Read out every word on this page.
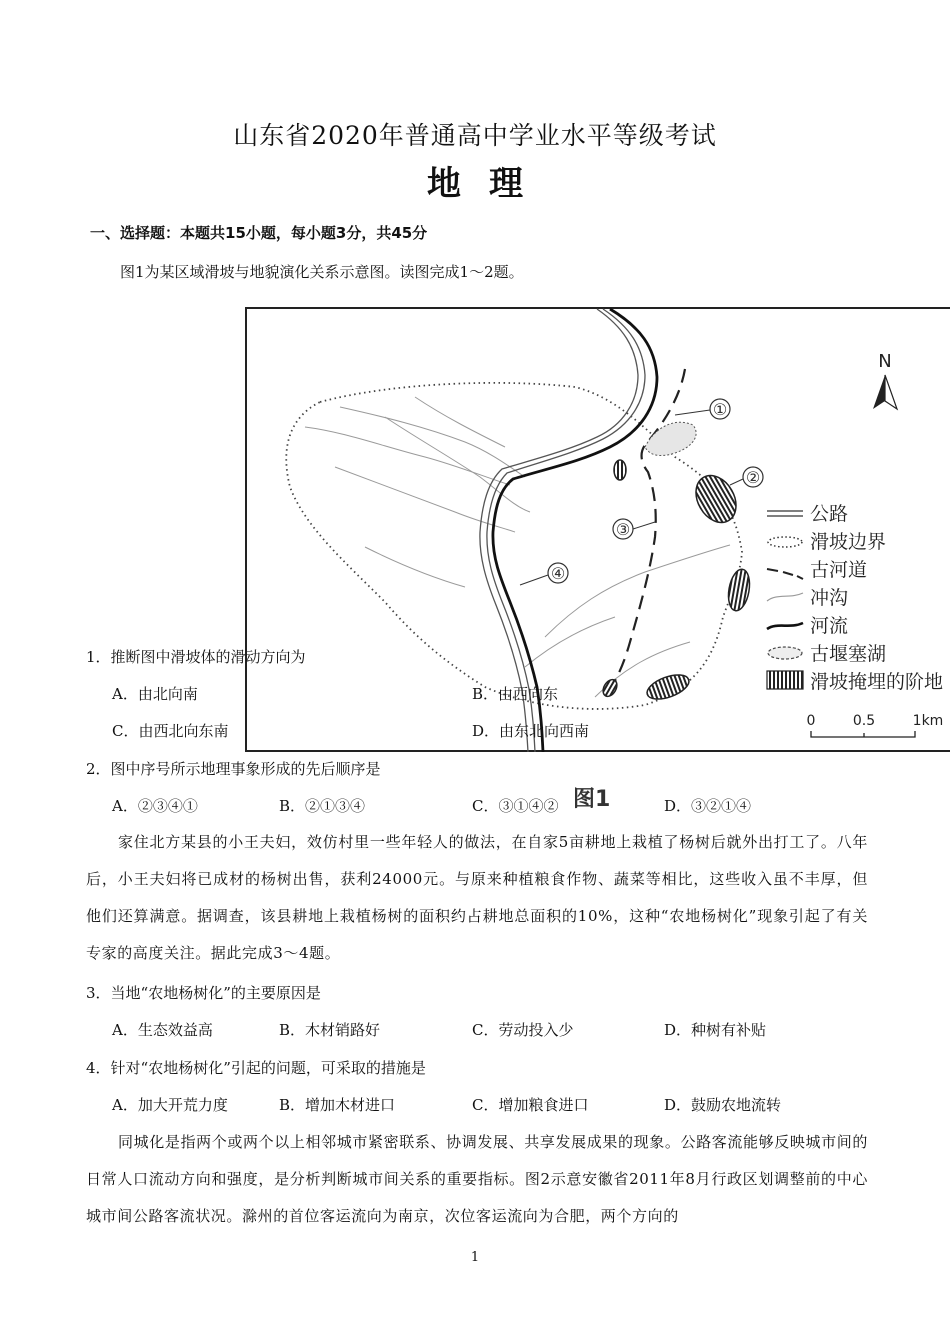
山东省2020年普通高中学业水平等级考试
地理
一、选择题：本题共15小题，每小题3分，共45分
图1为某区域滑坡与地貌演化关系示意图。读图完成1～2题。
①
②
③
④
N
公路
滑坡边界
古河道
冲沟
河流
古堰塞湖
滑坡掩埋的阶地
0	0.5	1km
1．推断图中滑坡体的滑动方向为
A．由北向南	B．由西向东
C．由西北向东南	D．由东北向西南
2．图中序号所示地理事象形成的先后顺序是
A．②③④①	B．②①③④	C．③①④②	D．③②①④
图1
家住北方某县的小王夫妇，效仿村里一些年轻人的做法，在自家5亩耕地上栽植了杨树后就外出打工了。八年后，小王夫妇将已成材的杨树出售，获利24000元。与原来种植粮食作物、蔬菜等相比，这些收入虽不丰厚，但他们还算满意。据调查，该县耕地上栽植杨树的面积约占耕地总面积的10%，这种“农地杨树化”现象引起了有关专家的高度关注。据此完成3～4题。
3．当地“农地杨树化”的主要原因是
A．生态效益高	B．木材销路好	C．劳动投入少	D．种树有补贴
4．针对“农地杨树化”引起的问题，可采取的措施是
A．加大开荒力度	B．增加木材进口	C．增加粮食进口	D．鼓励农地流转
同城化是指两个或两个以上相邻城市紧密联系、协调发展、共享发展成果的现象。公路客流能够反映城市间的日常人口流动方向和强度，是分析判断城市间关系的重要指标。图2示意安徽省2011年8月行政区划调整前的中心城市间公路客流状况。滁州的首位客运流向为南京，次位客运流向为合肥，两个方向的
1
